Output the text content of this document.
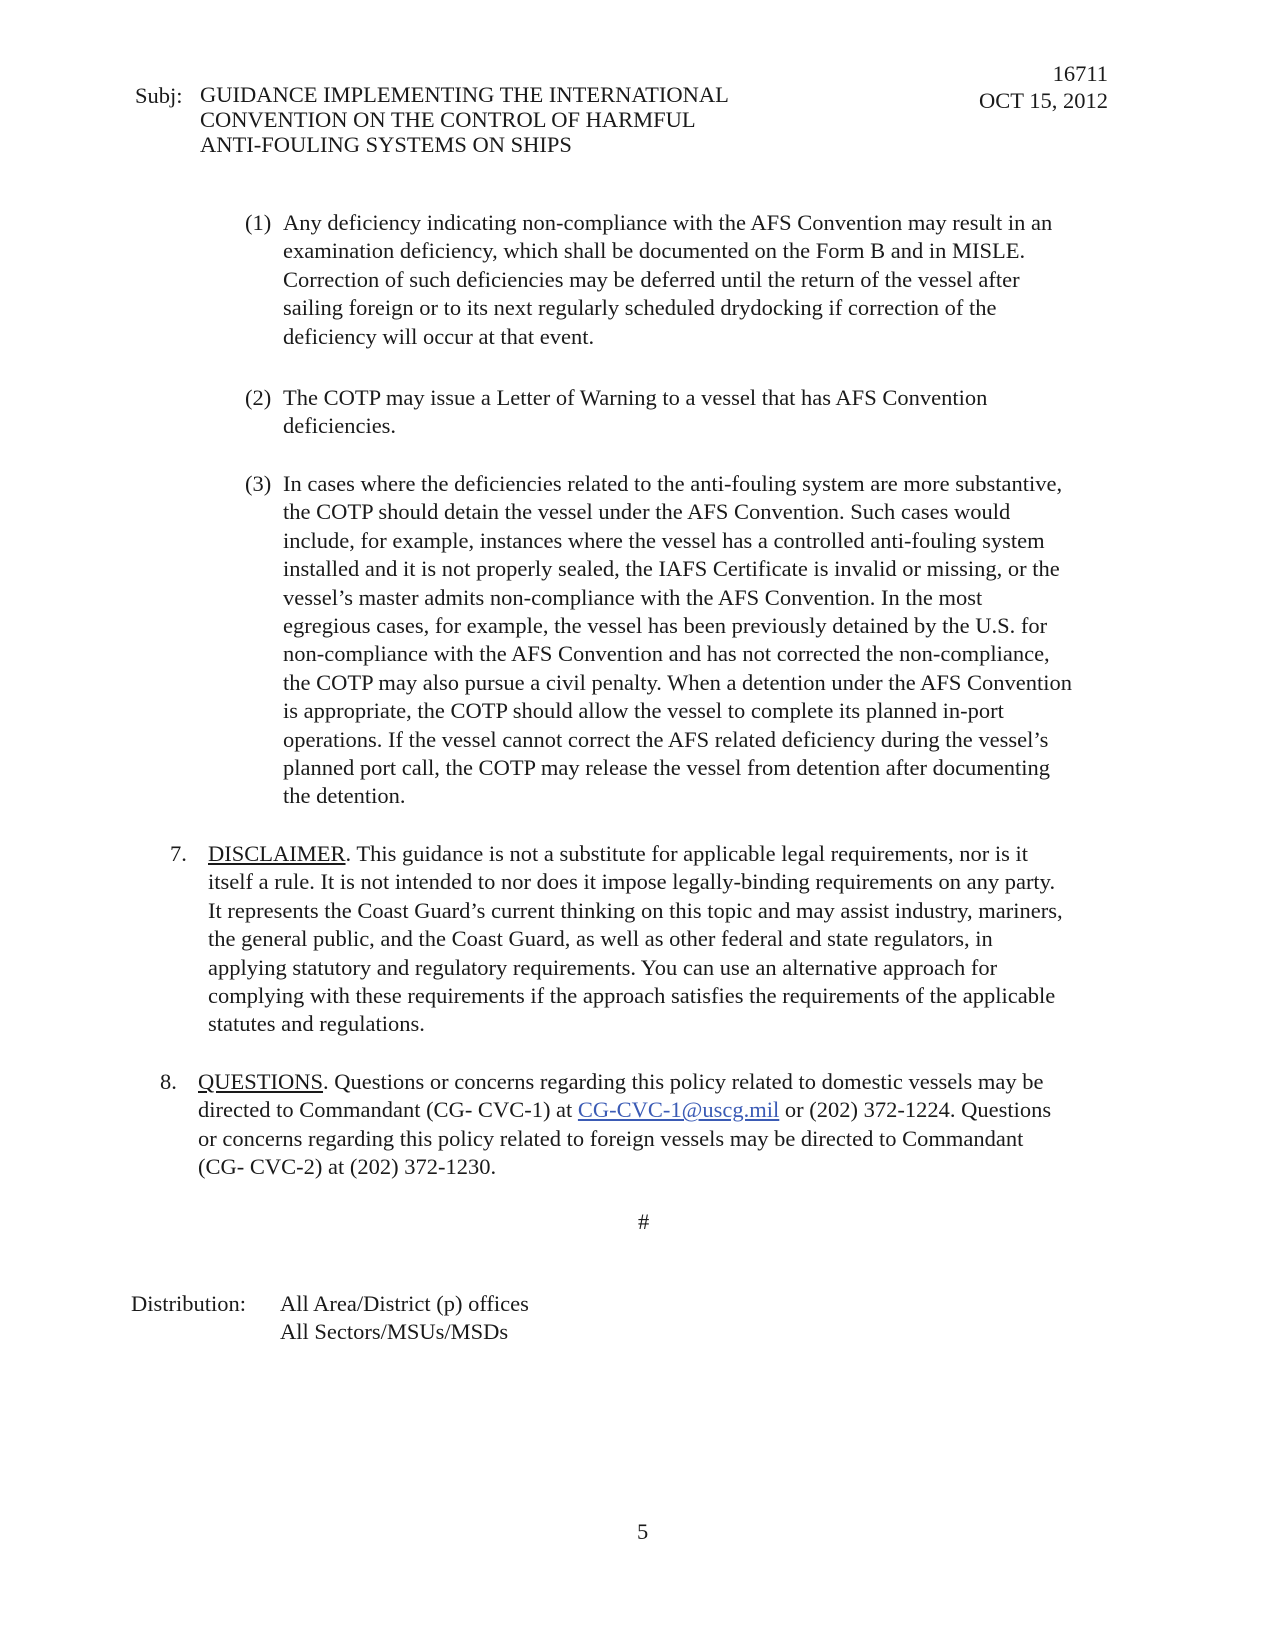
Subj: GUIDANCE IMPLEMENTING THE INTERNATIONAL
CONVENTION ON THE CONTROL OF HARMFUL
ANTI-FOULING SYSTEMS ON SHIPS
16711
OCT 15, 2012
(1) Any deficiency indicating non-compliance with the AFS Convention may result in an
examination deficiency, which shall be documented on the Form B and in MISLE.
Correction of such deficiencies may be deferred until the return of the vessel after
sailing foreign or to its next regularly scheduled drydocking if correction of the
deficiency will occur at that event.
(2) The COTP may issue a Letter of Warning to a vessel that has AFS Convention
deficiencies.
(3) In cases where the deficiencies related to the anti-fouling system are more substantive,
the COTP should detain the vessel under the AFS Convention. Such cases would
include, for example, instances where the vessel has a controlled anti-fouling system
installed and it is not properly sealed, the IAFS Certificate is invalid or missing, or the
vessel’s master admits non-compliance with the AFS Convention. In the most
egregious cases, for example, the vessel has been previously detained by the U.S. for
non-compliance with the AFS Convention and has not corrected the non-compliance,
the COTP may also pursue a civil penalty. When a detention under the AFS Convention
is appropriate, the COTP should allow the vessel to complete its planned in-port
operations. If the vessel cannot correct the AFS related deficiency during the vessel’s
planned port call, the COTP may release the vessel from detention after documenting
the detention.
7. DISCLAIMER. This guidance is not a substitute for applicable legal requirements, nor is it
itself a rule. It is not intended to nor does it impose legally-binding requirements on any party.
It represents the Coast Guard’s current thinking on this topic and may assist industry, mariners,
the general public, and the Coast Guard, as well as other federal and state regulators, in
applying statutory and regulatory requirements. You can use an alternative approach for
complying with these requirements if the approach satisfies the requirements of the applicable
statutes and regulations.
8. QUESTIONS. Questions or concerns regarding this policy related to domestic vessels may be
directed to Commandant (CG- CVC-1) at CG-CVC-1@uscg.mil or (202) 372-1224. Questions
or concerns regarding this policy related to foreign vessels may be directed to Commandant
(CG- CVC-2) at (202) 372-1230.
#
Distribution: All Area/District (p) offices
All Sectors/MSUs/MSDs
5
